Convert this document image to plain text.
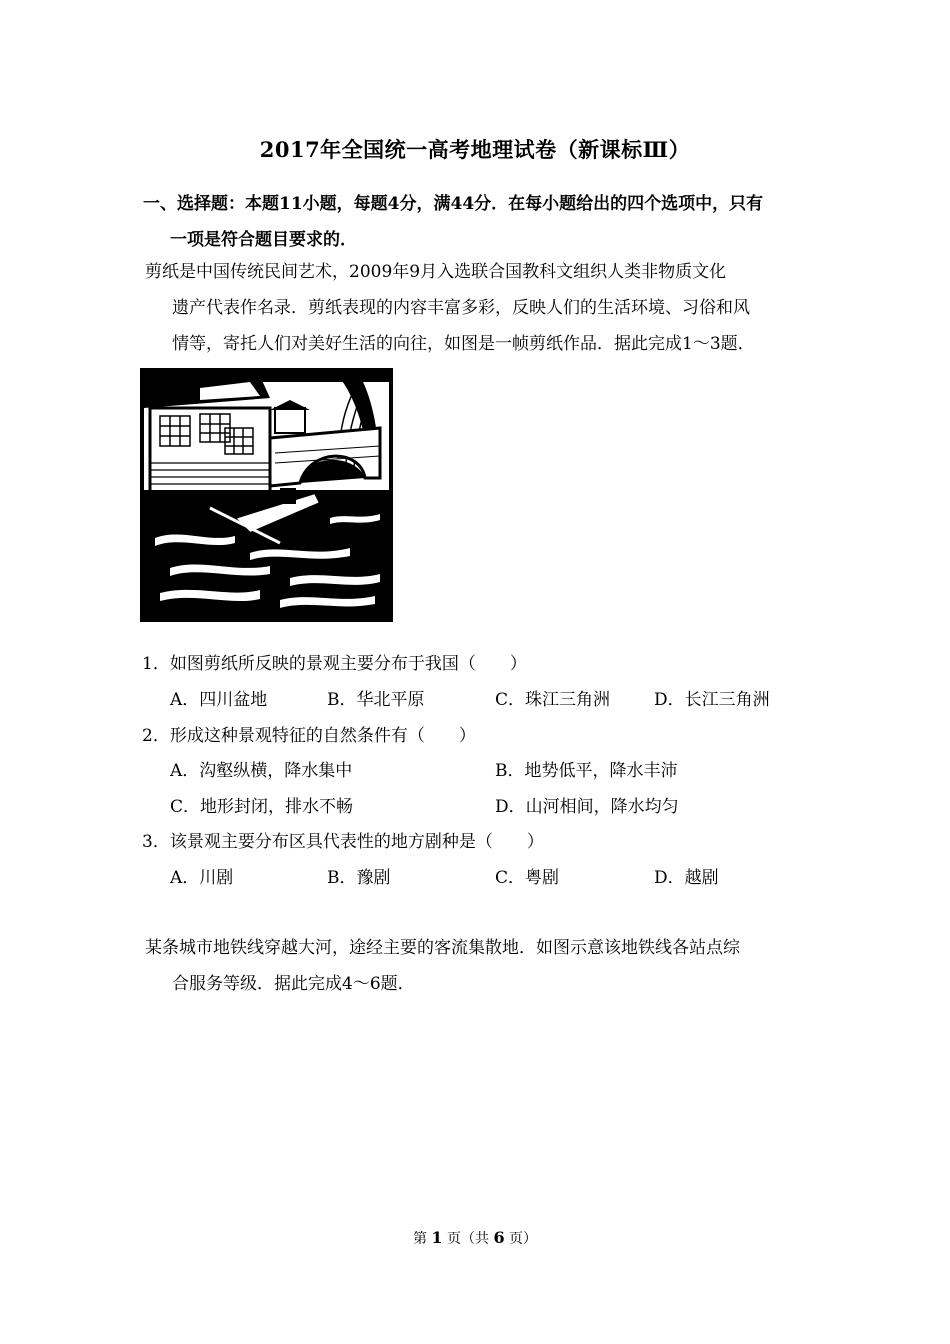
2017年全国统一高考地理试卷（新课标Ⅲ）
一、选择题：本题11小题，每题4分，满44分．在每小题给出的四个选项中，只有
一项是符合题目要求的．
剪纸是中国传统民间艺术，2009年9月入选联合国教科文组织人类非物质文化
遗产代表作名录．剪纸表现的内容丰富多彩，反映人们的生活环境、习俗和风
情等，寄托人们对美好生活的向往，如图是一帧剪纸作品．据此完成1～3题．
1．如图剪纸所反映的景观主要分布于我国（　　）
A．四川盆地	B．华北平原	C．珠江三角洲	D．长江三角洲
2．形成这种景观特征的自然条件有（　　）
A．沟壑纵横，降水集中	B．地势低平，降水丰沛
C．地形封闭，排水不畅	D．山河相间，降水均匀
3．该景观主要分布区具代表性的地方剧种是（　　）
A．川剧	B．豫剧	C．粤剧	D．越剧
某条城市地铁线穿越大河，途经主要的客流集散地．如图示意该地铁线各站点综
合服务等级．据此完成4～6题．
第 1 页（共 6 页）
